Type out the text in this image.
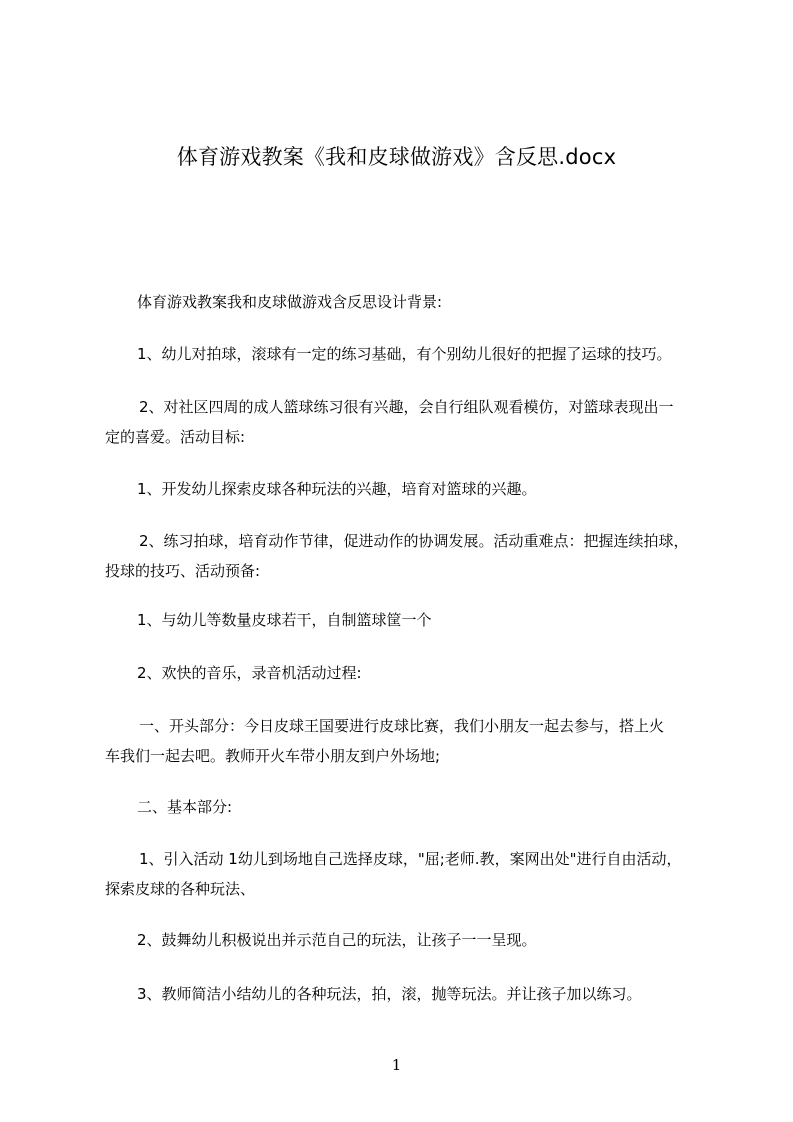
体育游戏教案《我和皮球做游戏》含反思.docx
体育游戏教案我和皮球做游戏含反思设计背景:
1、幼儿对拍球，滚球有一定的练习基础，有个别幼儿很好的把握了运球的技巧。
2、对社区四周的成人篮球练习很有兴趣，会自行组队观看模仿，对篮球表现出一
定的喜爱。活动目标:
1、开发幼儿探索皮球各种玩法的兴趣，培育对篮球的兴趣。
2、练习拍球，培育动作节律，促进动作的协调发展。活动重难点：把握连续拍球，
投球的技巧、活动预备:
1、与幼儿等数量皮球若干，自制篮球筐一个
2、欢快的音乐，录音机活动过程:
一、开头部分：今日皮球王国要进行皮球比赛，我们小朋友一起去参与，搭上火
车我们一起去吧。教师开火车带小朋友到户外场地;
二、基本部分:
1、引入活动 1幼儿到场地自己选择皮球，"屈;老师.教，案网出处"进行自由活动，
探索皮球的各种玩法、
2、鼓舞幼儿积极说出并示范自己的玩法，让孩子一一呈现。
3、教师简洁小结幼儿的各种玩法，拍，滚，抛等玩法。并让孩子加以练习。
1
